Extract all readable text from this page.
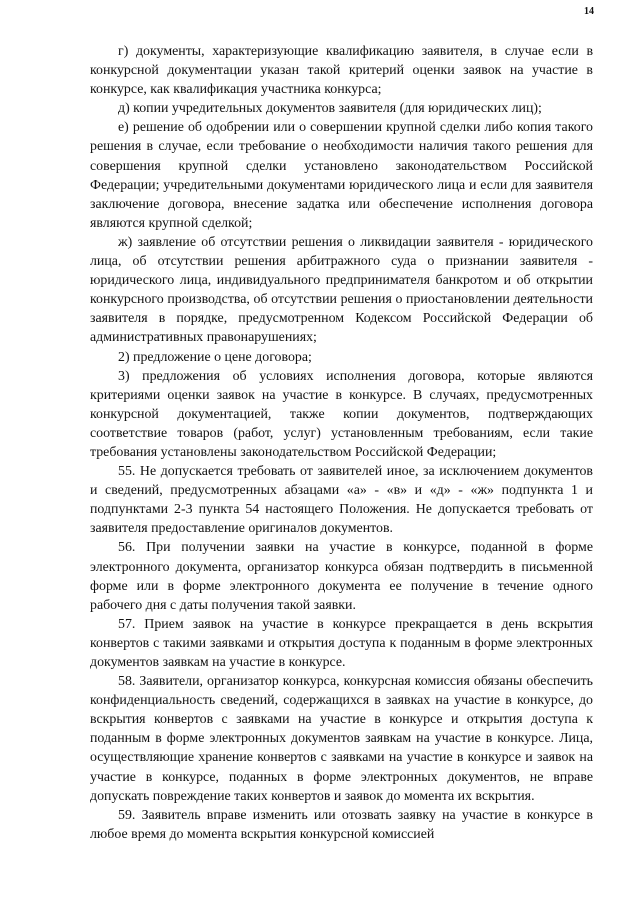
14

г) документы, характеризующие квалификацию заявителя, в случае если в конкурсной документации указан такой критерий оценки заявок на участие в конкурсе, как квалификация участника конкурса;

д) копии учредительных документов заявителя (для юридических лиц);

е) решение об одобрении или о совершении крупной сделки либо копия такого решения в случае, если требование о необходимости наличия такого решения для совершения крупной сделки установлено законодательством Российской Федерации; учредительными документами юридического лица и если для заявителя заключение договора, внесение задатка или обеспечение исполнения договора являются крупной сделкой;

ж) заявление об отсутствии решения о ликвидации заявителя - юридического лица, об отсутствии решения арбитражного суда о признании заявителя - юридического лица, индивидуального предпринимателя банкротом и об открытии конкурсного производства, об отсутствии решения о приостановлении деятельности заявителя в порядке, предусмотренном Кодексом Российской Федерации об административных правонарушениях;

2) предложение о цене договора;

3) предложения об условиях исполнения договора, которые являются критериями оценки заявок на участие в конкурсе. В случаях, предусмотренных конкурсной документацией, также копии документов, подтверждающих соответствие товаров (работ, услуг) установленным требованиям, если такие требования установлены законодательством Российской Федерации;

55. Не допускается требовать от заявителей иное, за исключением документов и сведений, предусмотренных абзацами «а» - «в» и «д» - «ж» подпункта 1 и подпунктами 2-3 пункта 54 настоящего Положения. Не допускается требовать от заявителя предоставление оригиналов документов.

56. При получении заявки на участие в конкурсе, поданной в форме электронного документа, организатор конкурса обязан подтвердить в письменной форме или в форме электронного документа ее получение в течение одного рабочего дня с даты получения такой заявки.

57. Прием заявок на участие в конкурсе прекращается в день вскрытия конвертов с такими заявками и открытия доступа к поданным в форме электронных документов заявкам на участие в конкурсе.

58. Заявители, организатор конкурса, конкурсная комиссия обязаны обеспечить конфиденциальность сведений, содержащихся в заявках на участие в конкурсе, до вскрытия конвертов с заявками на участие в конкурсе и открытия доступа к поданным в форме электронных документов заявкам на участие в конкурсе. Лица, осуществляющие хранение конвертов с заявками на участие в конкурсе и заявок на участие в конкурсе, поданных в форме электронных документов, не вправе допускать повреждение таких конвертов и заявок до момента их вскрытия.

59. Заявитель вправе изменить или отозвать заявку на участие в конкурсе в любое время до момента вскрытия конкурсной комиссией
